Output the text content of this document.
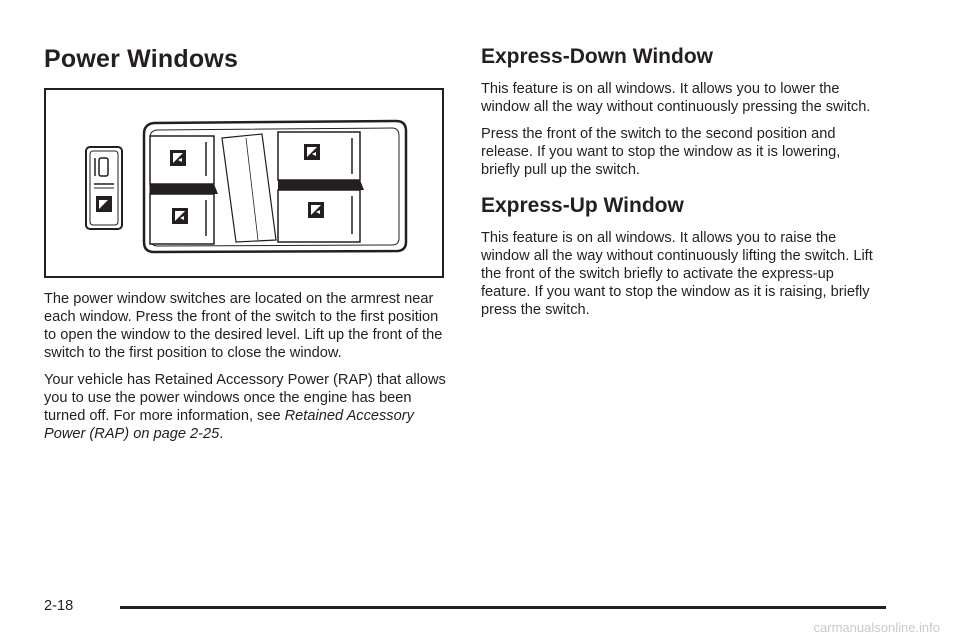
Power Windows

The power window switches are located on the armrest near each window. Press the front of the switch to the first position to open the window to the desired level. Lift up the front of the switch to the first position to close the window.

Your vehicle has Retained Accessory Power (RAP) that allows you to use the power windows once the engine has been turned off. For more information, see Retained Accessory Power (RAP) on page 2-25.

Express-Down Window

This feature is on all windows. It allows you to lower the window all the way without continuously pressing the switch.

Press the front of the switch to the second position and release. If you want to stop the window as it is lowering, briefly pull up the switch.

Express-Up Window

This feature is on all windows. It allows you to raise the window all the way without continuously lifting the switch. Lift the front of the switch briefly to activate the express-up feature. If you want to stop the window as it is raising, briefly press the switch.

2-18
carmanualsonline.info
